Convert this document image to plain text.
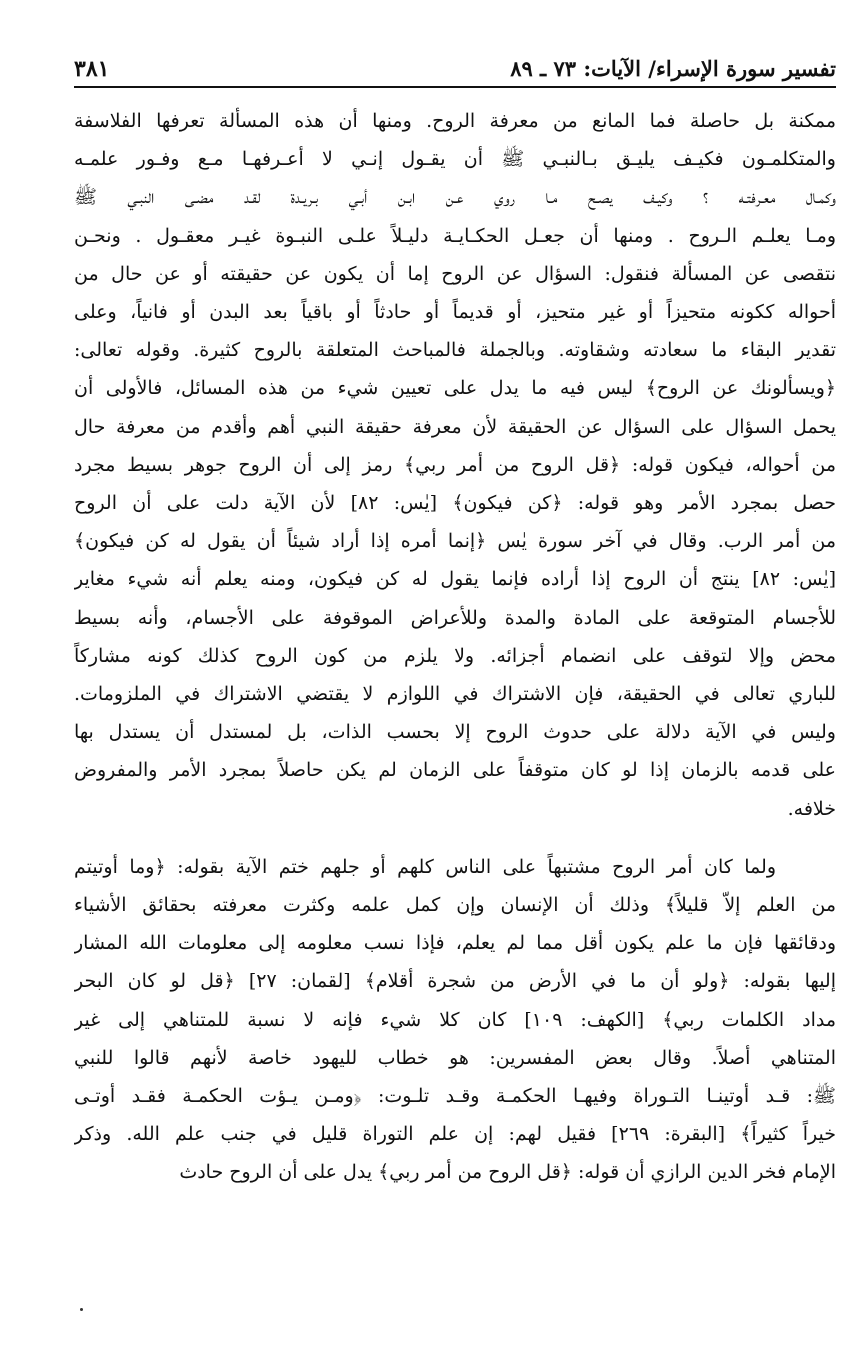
تفسير سورة الإسراء/ الآيات: ٧٣ ـ ٨٩
٣٨١

ممكنة بل حاصلة فما المانع من معرفة الروح. ومنها أن هذه المسألة تعرفها الفلاسفة
والمتكلمـون فكيـف يليـق بـالنبـي ﷺ أن يقـول إنـي لا أعـرفهـا مـع وفـور علمـه
وكمـال معـرفتـه ؟ وكيـف يصـح مـا روي عـن ابـن أبـي بـريـدة لقـد مضـى النبـي ﷺ
ومـا يعلـم الـروح . ومنها أن جعـل الحكـايـة دليـلاً علـى النبـوة غيـر معقـول . ونحـن
نتقصى عن المسألة فنقول: السؤال عن الروح إما أن يكون عن حقيقته أو عن حال من
أحواله ككونه متحيزاً أو غير متحيز، أو قديماً أو حادثاً أو باقياً بعد البدن أو فانياً، وعلى
تقدير البقاء ما سعادته وشقاوته. وبالجملة فالمباحث المتعلقة بالروح كثيرة. وقوله تعالى:
﴿ويسألونك عن الروح﴾ ليس فيه ما يدل على تعيين شيء من هذه المسائل، فالأولى أن
يحمل السؤال على السؤال عن الحقيقة لأن معرفة حقيقة النبي أهم وأقدم من معرفة حال
من أحواله، فيكون قوله: ﴿قل الروح من أمر ربي﴾ رمز إلى أن الروح جوهر بسيط مجرد
حصل بمجرد الأمر وهو قوله: ﴿كن فيكون﴾ [يٰس: ٨٢] لأن الآية دلت على أن الروح
من أمر الرب. وقال في آخر سورة يٰس ﴿إنما أمره إذا أراد شيئاً أن يقول له كن فيكون﴾
[يٰس: ٨٢] ينتج أن الروح إذا أراده فإنما يقول له كن فيكون، ومنه يعلم أنه شيء مغاير
للأجسام المتوقعة على المادة والمدة وللأعراض الموقوفة على الأجسام، وأنه بسيط
محض وإلا لتوقف على انضمام أجزائه. ولا يلزم من كون الروح كذلك كونه مشاركاً
للباري تعالى في الحقيقة، فإن الاشتراك في اللوازم لا يقتضي الاشتراك في الملزومات.
وليس في الآية دلالة على حدوث الروح إلا بحسب الذات، بل لمستدل أن يستدل بها
على قدمه بالزمان إذا لو كان متوقفاً على الزمان لم يكن حاصلاً بمجرد الأمر والمفروض
خلافه.

ولما كان أمر الروح مشتبهاً على الناس كلهم أو جلهم ختم الآية بقوله: ﴿وما أوتيتم
من العلم إلاّ قليلاً﴾ وذلك أن الإنسان وإن كمل علمه وكثرت معرفته بحقائق الأشياء
ودقائقها فإن ما علم يكون أقل مما لم يعلم، فإذا نسب معلومه إلى معلومات الله المشار
إليها بقوله: ﴿ولو أن ما في الأرض من شجرة أقلام﴾ [لقمان: ٢٧] ﴿قل لو كان البحر
مداد الكلمات ربي﴾ [الكهف: ١٠٩] كان كلا شيء فإنه لا نسبة للمتناهي إلى غير
المتناهي أصلاً. وقال بعض المفسرين: هو خطاب لليهود خاصة لأنهم قالوا للنبي
ﷺ: قـد أوتينـا التـوراة وفيهـا الحكمـة وقـد تلـوت: ﴿ومـن يـؤت الحكمـة فقـد أوتـى
خيراً كثيراً﴾ [البقرة: ٢٦٩] فقيل لهم: إن علم التوراة قليل في جنب علم الله. وذكر
الإمام فخر الدين الرازي أن قوله: ﴿قل الروح من أمر ربي﴾ يدل على أن الروح حادث
